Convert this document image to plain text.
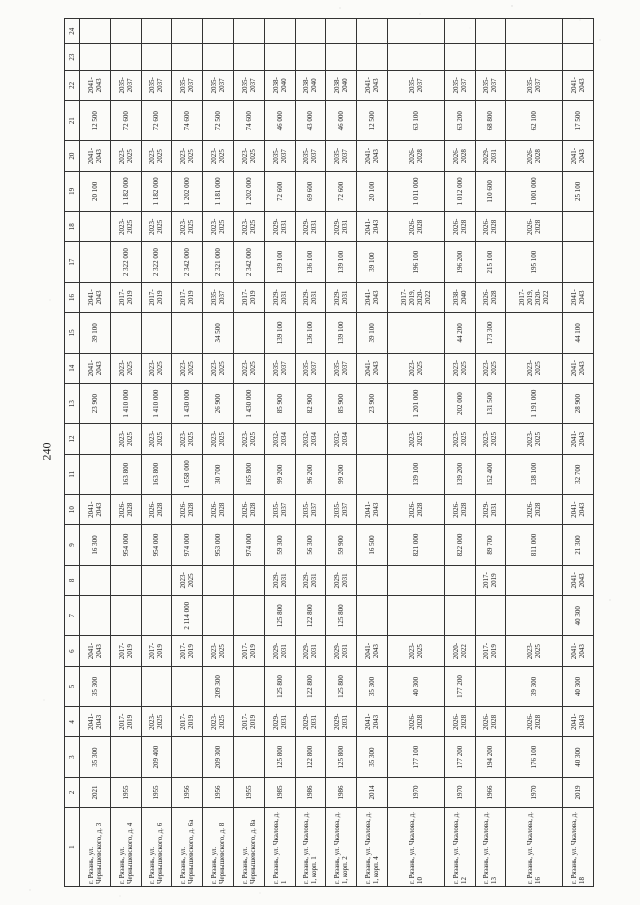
240
1	2	3	4	5	6	7	8	9	10	11	12	13	14	15	16	17	18	19	20	21	22	23	24
г. Рязань, ул. Чернышевского, д. 3	2021	35 300	2041-2043	35 300	2041-2043			16 300	2041-2043			23 900	2041-2043	39 100	2041-2043			20 100	2041-2043	12 500	2041-2043		
г. Рязань, ул. Чернышевского, д. 4	1955		2017-2019		2017-2019			954 000	2026-2028	163 800	2023-2025	1 410 000	2023-2025		2017-2019	2 322 000	2023-2025	1 182 000	2023-2025	72 600	2035-2037		
г. Рязань, ул. Чернышевского, д. 6	1955	209 400	2023-2025		2017-2019			954 000	2026-2028	163 800	2023-2025	1 410 000	2023-2025		2017-2019	2 322 000	2023-2025	1 182 000	2023-2025	72 600	2035-2037		
г. Рязань, ул. Чернышевского, д. 6а	1956		2017-2019		2017-2019	2 114 000	2023-2025	974 000	2026-2028	1 658 000	2023-2025	1 430 000	2023-2025		2017-2019	2 342 000	2023-2025	1 202 000	2023-2025	74 600	2035-2037		
г. Рязань, ул. Чернышевского, д. 8	1956	209 300	2023-2025	209 300	2023-2025			953 000	2026-2028	30 700	2023-2025	26 900	2023-2025	34 500	2035-2037	2 321 000	2023-2025	1 181 000	2023-2025	72 500	2035-2037		
г. Рязань, ул. Чернышевского, д. 8а	1955		2017-2019		2017-2019			974 000	2026-2028	165 800	2023-2025	1 430 000	2023-2025		2017-2019	2 342 000	2023-2025	1 202 000	2023-2025	74 600	2035-2037		
г. Рязань, ул. Чкалова, д. 1	1985	125 800	2029-2031	125 800	2029-2031	125 800	2029-2031	59 300	2035-2037	99 200	2032-2034	85 900	2035-2037	139 100	2029-2031	139 100	2029-2031	72 600	2035-2037	46 000	2038-2040		
г. Рязань, ул. Чкалова, д. 1, корп. 1	1986	122 800	2029-2031	122 800	2029-2031	122 800	2029-2031	56 300	2035-2037	96 200	2032-2034	82 900	2035-2037	136 100	2029-2031	136 100	2029-2031	69 600	2035-2037	43 000	2038-2040		
г. Рязань, ул. Чкалова, д. 1, корп. 2	1986	125 800	2029-2031	125 800	2029-2031	125 800	2029-2031	59 900	2035-2037	99 200	2032-2034	85 900	2035-2037	139 100	2029-2031	139 100	2029-2031	72 600	2035-2037	46 000	2038-2040		
г. Рязань, ул. Чкалова, д. 1, корп. 4	2014	35 300	2041-2043	35 300	2041-2043			16 500	2041-2043			23 900	2041-2043	39 100	2041-2043	39 100	2041-2043	20 100	2041-2043	12 500	2041-2043		
г. Рязань, ул. Чкалова, д. 10	1970	177 100	2026-2028	40 300	2023-2025			821 000	2026-2028	139 100	2023-2025	1 201 000	2023-2025		2017-2019, 2020-2022	196 100	2026-2028	1 011 000	2026-2028	63 100	2035-2037		
г. Рязань, ул. Чкалова, д. 12	1970	177 200	2026-2028	177 200	2020-2022			822 000	2026-2028	139 200	2023-2025	202 000	2023-2025	44 200	2038-2040	196 200	2026-2028	1 012 000	2026-2028	63 200	2035-2037		
г. Рязань, ул. Чкалова, д. 13	1966	194 200	2026-2028		2017-2019		2017-2019	89 700	2029-2031	152 400	2023-2025	131 500	2023-2025	173 300	2026-2028	215 100	2026-2028	110 600	2029-2031	68 800	2035-2037		
г. Рязань, ул. Чкалова, д. 16	1970	176 100	2026-2028	39 300	2023-2025			811 000	2026-2028	138 100	2023-2025	1 191 000	2023-2025		2017-2019, 2020-2022	195 100	2026-2028	1 001 000	2026-2028	62 100	2035-2037		
г. Рязань, ул. Чкалова, д. 18	2019	40 300	2041-2043	40 300	2041-2043	40 300	2041-2043	21 300	2041-2043	32 700	2041-2043	28 900	2041-2043	44 100	2041-2043			25 100	2041-2043	17 500	2041-2043		
